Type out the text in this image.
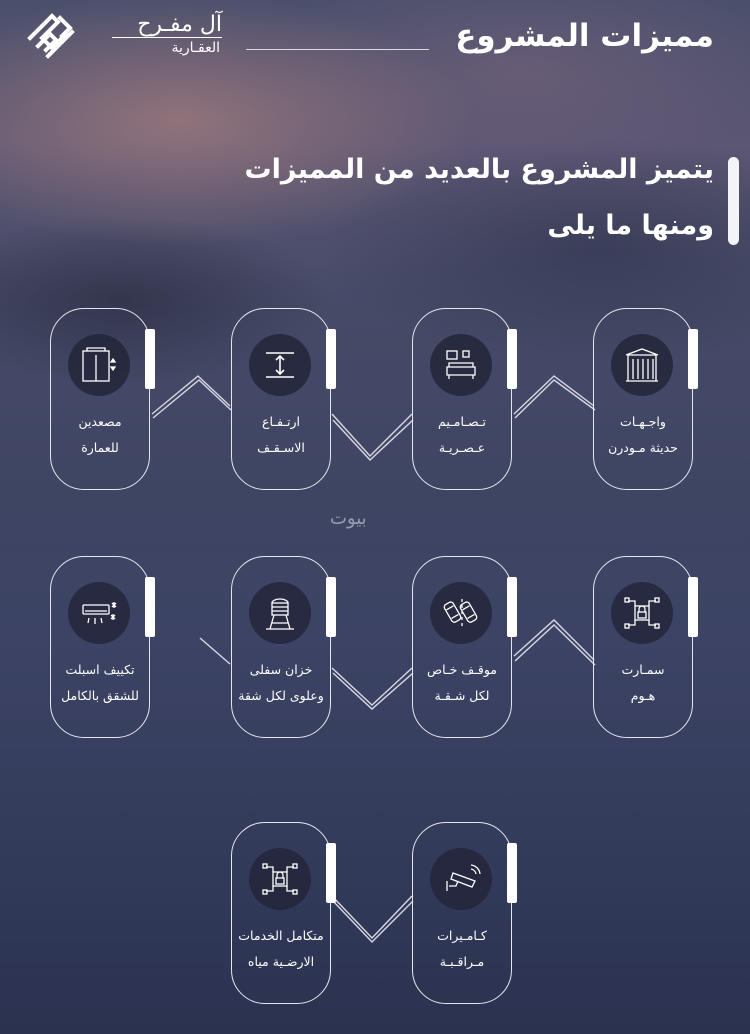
آل مفـرح
العقـارية	مميزات المشروع
يتميز المشروع بالعديد من المميزات
ومنها ما يلى
واجـهـات
حديثة مـودرن
تـصـامـيم
عـصـريـة
ارتـفـاع
الاسـقـف
مصعدين
للعمارة
بيوت
سمـارت
هـوم
موقـف خـاص
لكل شـقـة
خزان سفلى
وعلوى لكل شقة
تكييف اسبلت
للشقق بالكامل
كـامـيرات
مـراقـبـة
متكامل الخدمات
الارضـية مياه
